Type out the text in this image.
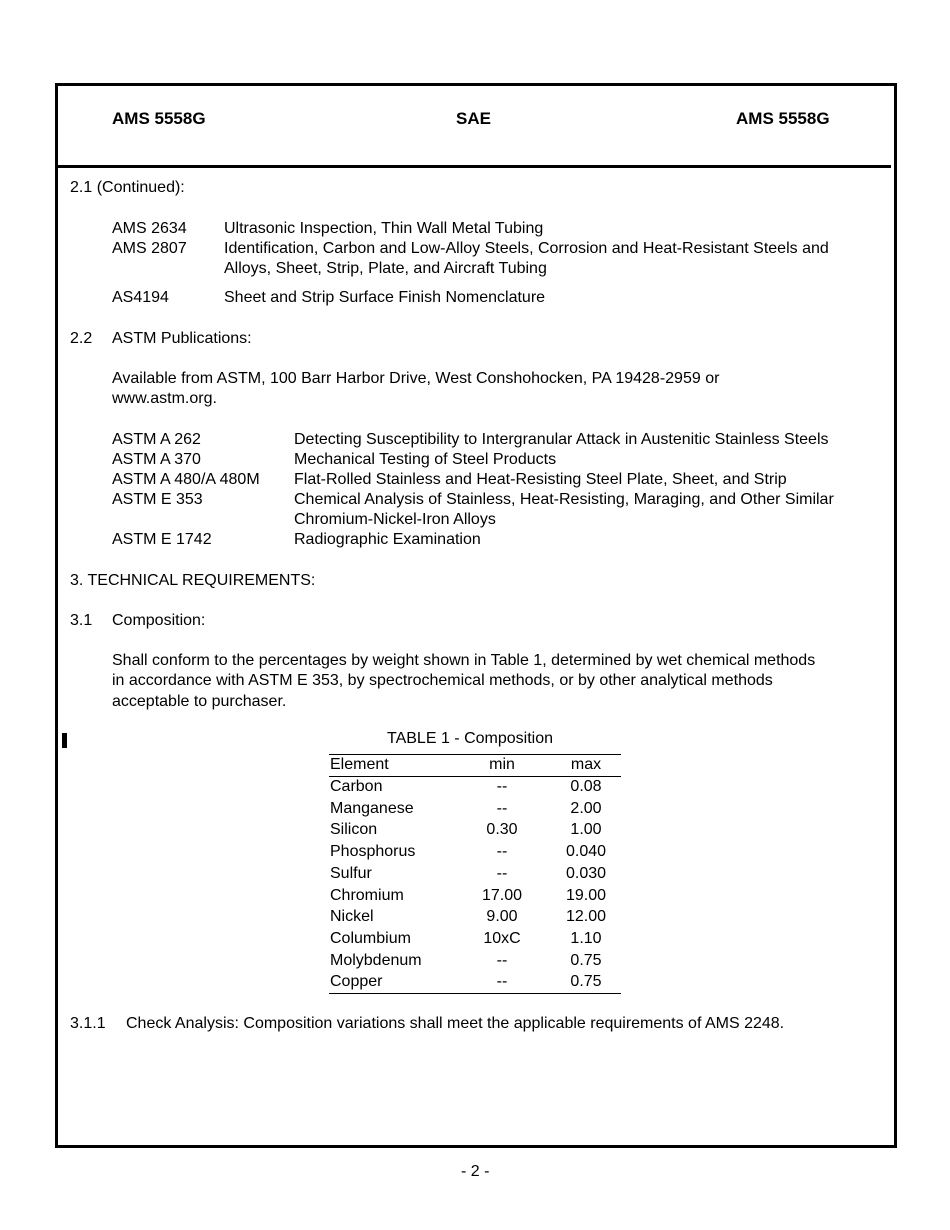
AMS 5558G	SAE	AMS 5558G
2.1 (Continued):
AMS 2634 Ultrasonic Inspection, Thin Wall Metal Tubing
AMS 2807 Identification, Carbon and Low-Alloy Steels, Corrosion and Heat-Resistant Steels and
Alloys, Sheet, Strip, Plate, and Aircraft Tubing
AS4194	Sheet and Strip Surface Finish Nomenclature
2.2 ASTM Publications:
Available from ASTM, 100 Barr Harbor Drive, West Conshohocken, PA 19428-2959 or
www.astm.org.
ASTM A 262	Detecting Susceptibility to Intergranular Attack in Austenitic Stainless Steels
ASTM A 370	Mechanical Testing of Steel Products
ASTM A 480/A 480M Flat-Rolled Stainless and Heat-Resisting Steel Plate, Sheet, and Strip
ASTM E 353	Chemical Analysis of Stainless, Heat-Resisting, Maraging, and Other Similar
Chromium-Nickel-Iron Alloys
ASTM E 1742	Radiographic Examination
3. TECHNICAL REQUIREMENTS:
3.1 Composition:
Shall conform to the percentages by weight shown in Table 1, determined by wet chemical methods
in accordance with ASTM E 353, by spectrochemical methods, or by other analytical methods
acceptable to purchaser.
TABLE 1 - Composition
Element	min	max
Carbon	--	0.08
Manganese	--	2.00
Silicon	0.30	1.00
Phosphorus	--	0.040
Sulfur	--	0.030
Chromium	17.00	19.00
Nickel	9.00	12.00
Columbium	10xC	1.10
Molybdenum	--	0.75
Copper	--	0.75
3.1.1 Check Analysis: Composition variations shall meet the applicable requirements of AMS 2248.
- 2 -
